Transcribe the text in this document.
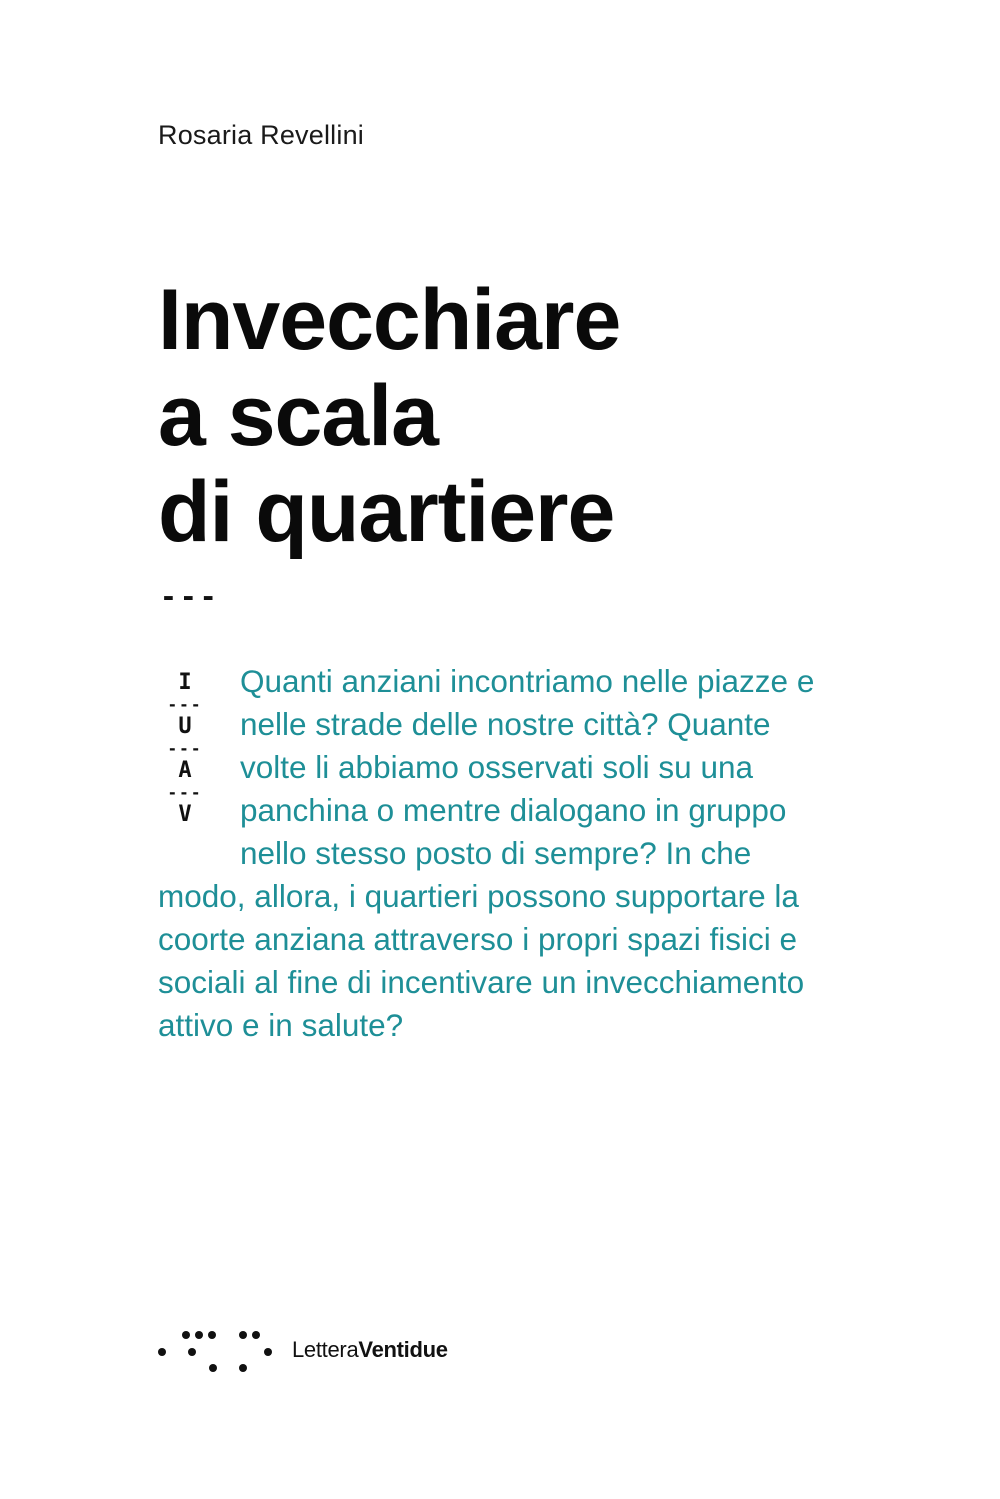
Rosaria Revellini
Invecchiare
a scala
di quartiere
---
I
---
U
---
A
---
V

Quanti anziani incontriamo nelle piazze e nelle strade delle nostre città? Quante volte li abbiamo osservati soli su una panchina o mentre dialogano in gruppo nello stesso posto di sempre? In che modo, allora, i quartieri possono supportare la coorte anziana attraverso i propri spazi fisici e sociali al fine di incentivare un invecchiamento attivo e in salute?

LetteraVentidue
